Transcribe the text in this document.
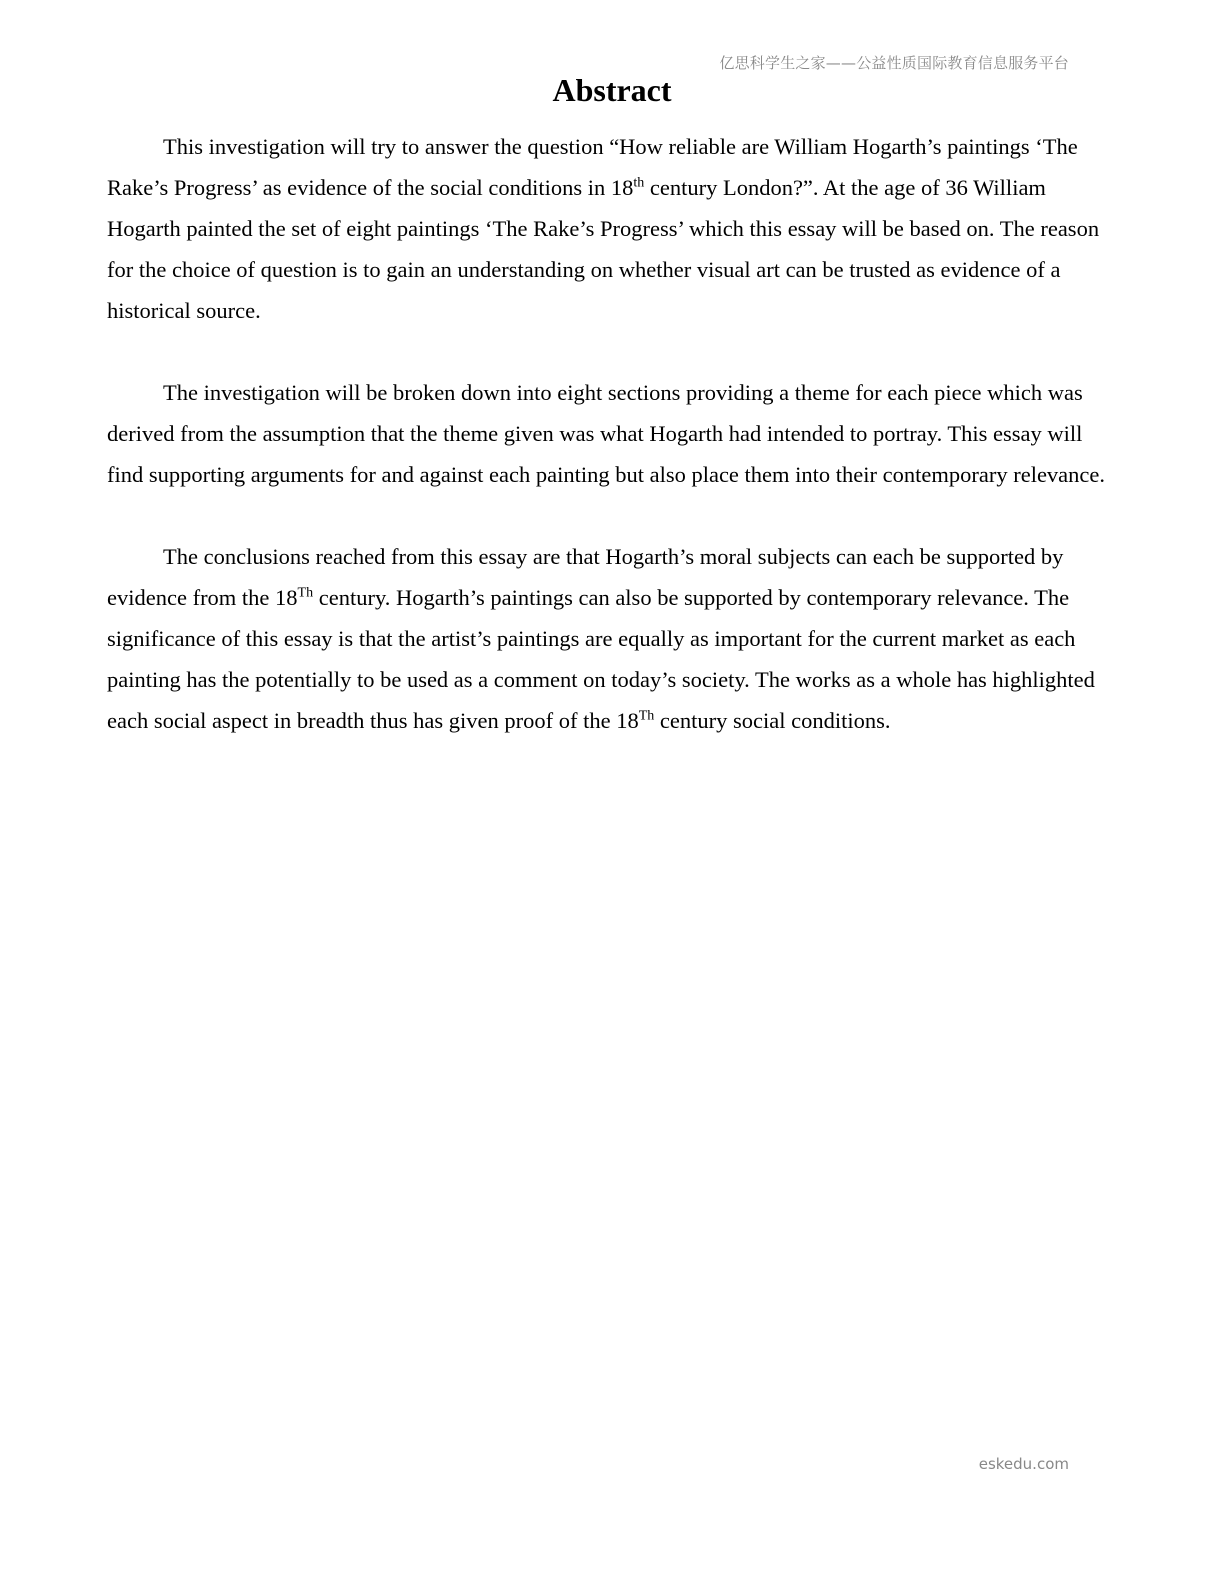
亿思科学生之家——公益性质国际教育信息服务平台
Abstract

This investigation will try to answer the question “How reliable are William Hogarth’s paintings ‘The Rake’s Progress’ as evidence of the social conditions in 18th century London?”. At the age of 36 William Hogarth painted the set of eight paintings ‘The Rake’s Progress’ which this essay will be based on. The reason for the choice of question is to gain an understanding on whether visual art can be trusted as evidence of a historical source.

The investigation will be broken down into eight sections providing a theme for each piece which was derived from the assumption that the theme given was what Hogarth had intended to portray. This essay will find supporting arguments for and against each painting but also place them into their contemporary relevance.

The conclusions reached from this essay are that Hogarth’s moral subjects can each be supported by evidence from the 18Th century. Hogarth’s paintings can also be supported by contemporary relevance. The significance of this essay is that the artist’s paintings are equally as important for the current market as each painting has the potentially to be used as a comment on today’s society. The works as a whole has highlighted each social aspect in breadth thus has given proof of the 18Th century social conditions.

eskedu.com
